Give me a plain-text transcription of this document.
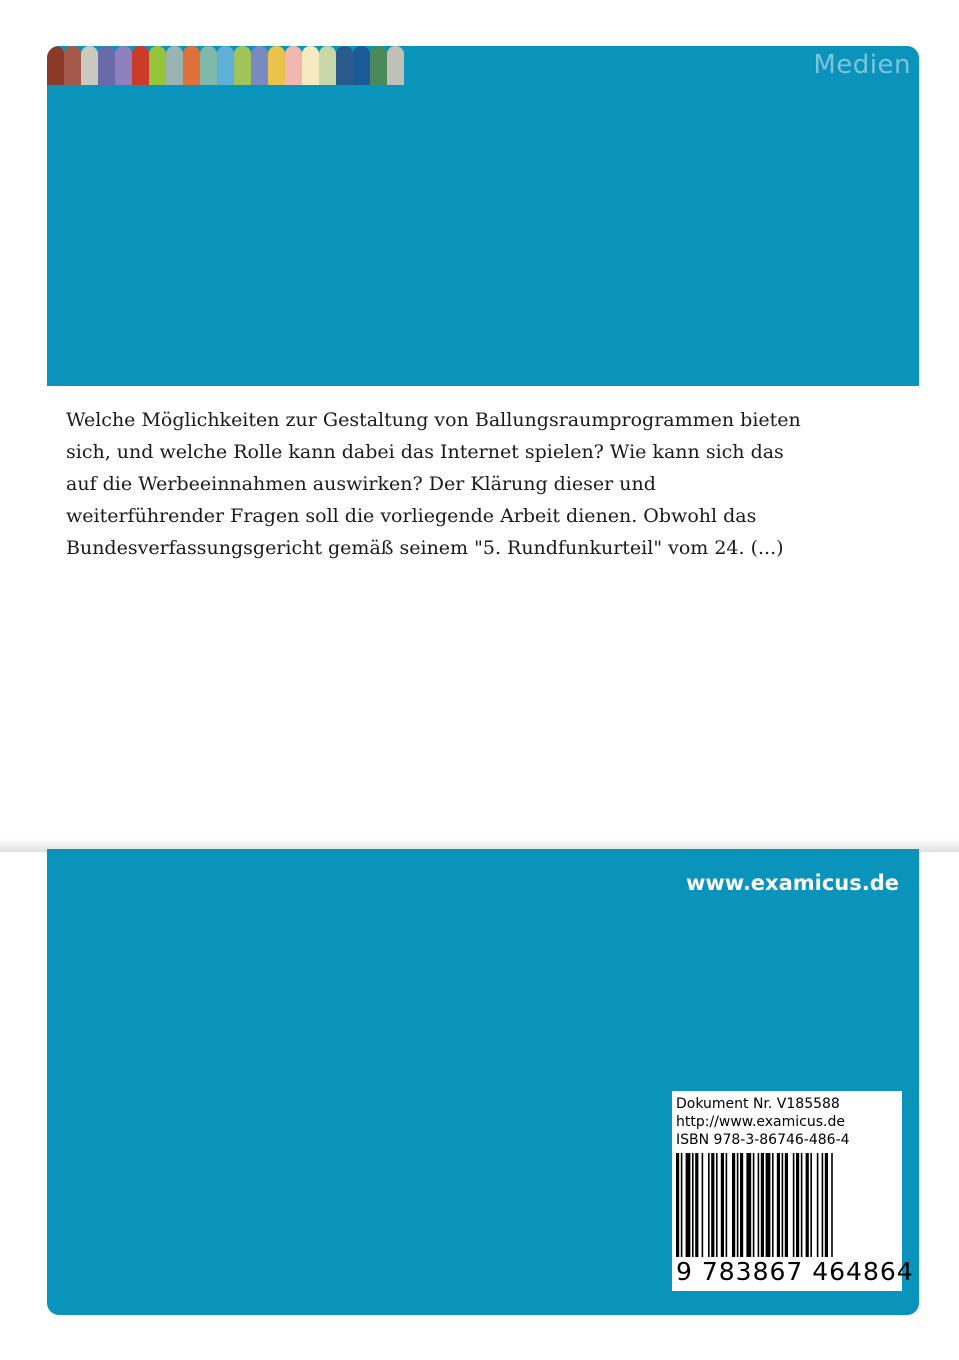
Medien

Welche Möglichkeiten zur Gestaltung von Ballungsraumprogrammen bieten sich, und welche Rolle kann dabei das Internet spielen? Wie kann sich das auf die Werbeeinnahmen auswirken? Der Klärung dieser und weiterführender Fragen soll die vorliegende Arbeit dienen. Obwohl das Bundesverfassungsgericht gemäß seinem "5. Rundfunkurteil" vom 24. (...)

www.examicus.de
Dokument Nr. V185588
http://www.examicus.de
ISBN 978-3-86746-486-4
9 783867 464864
